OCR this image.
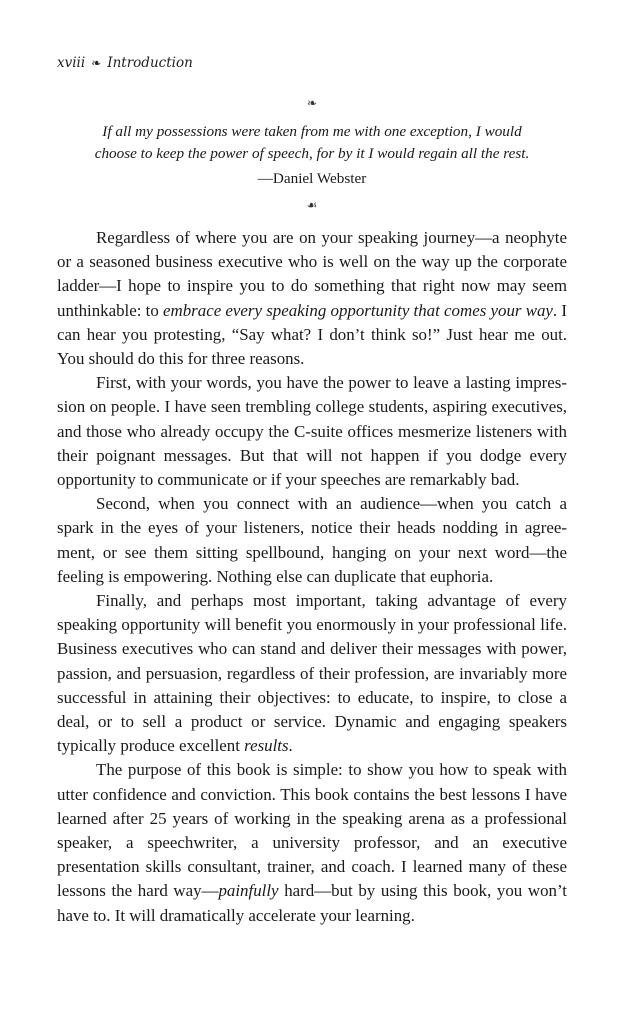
xviii ❧ Introduction
❧
If all my possessions were taken from me with one exception, I would
choose to keep the power of speech, for by it I would regain all the rest.
—Daniel Webster
☙

Regardless of where you are on your speaking journey—a neophyte or a seasoned business executive who is well on the way up the corporate ladder—I hope to inspire you to do something that right now may seem unthinkable: to embrace every speaking opportunity that comes your way. I can hear you protesting, “Say what? I don’t think so!” Just hear me out. You should do this for three reasons.

First, with your words, you have the power to leave a lasting impression on people. I have seen trembling college students, aspiring executives, and those who already occupy the C-suite offices mesmerize listeners with their poignant messages. But that will not happen if you dodge every opportunity to communicate or if your speeches are remarkably bad.

Second, when you connect with an audience—when you catch a spark in the eyes of your listeners, notice their heads nodding in agreement, or see them sitting spellbound, hanging on your next word—the feeling is empowering. Nothing else can duplicate that euphoria.

Finally, and perhaps most important, taking advantage of every speaking opportunity will benefit you enormously in your professional life. Business executives who can stand and deliver their messages with power, passion, and persuasion, regardless of their profession, are invariably more successful in attaining their objectives: to educate, to inspire, to close a deal, or to sell a product or service. Dynamic and engaging speakers typically produce excellent results.

The purpose of this book is simple: to show you how to speak with utter confidence and conviction. This book contains the best lessons I have learned after 25 years of working in the speaking arena as a professional speaker, a speechwriter, a university professor, and an executive presentation skills consultant, trainer, and coach. I learned many of these lessons the hard way—painfully hard—but by using this book, you won’t have to. It will dramatically accelerate your learning.
